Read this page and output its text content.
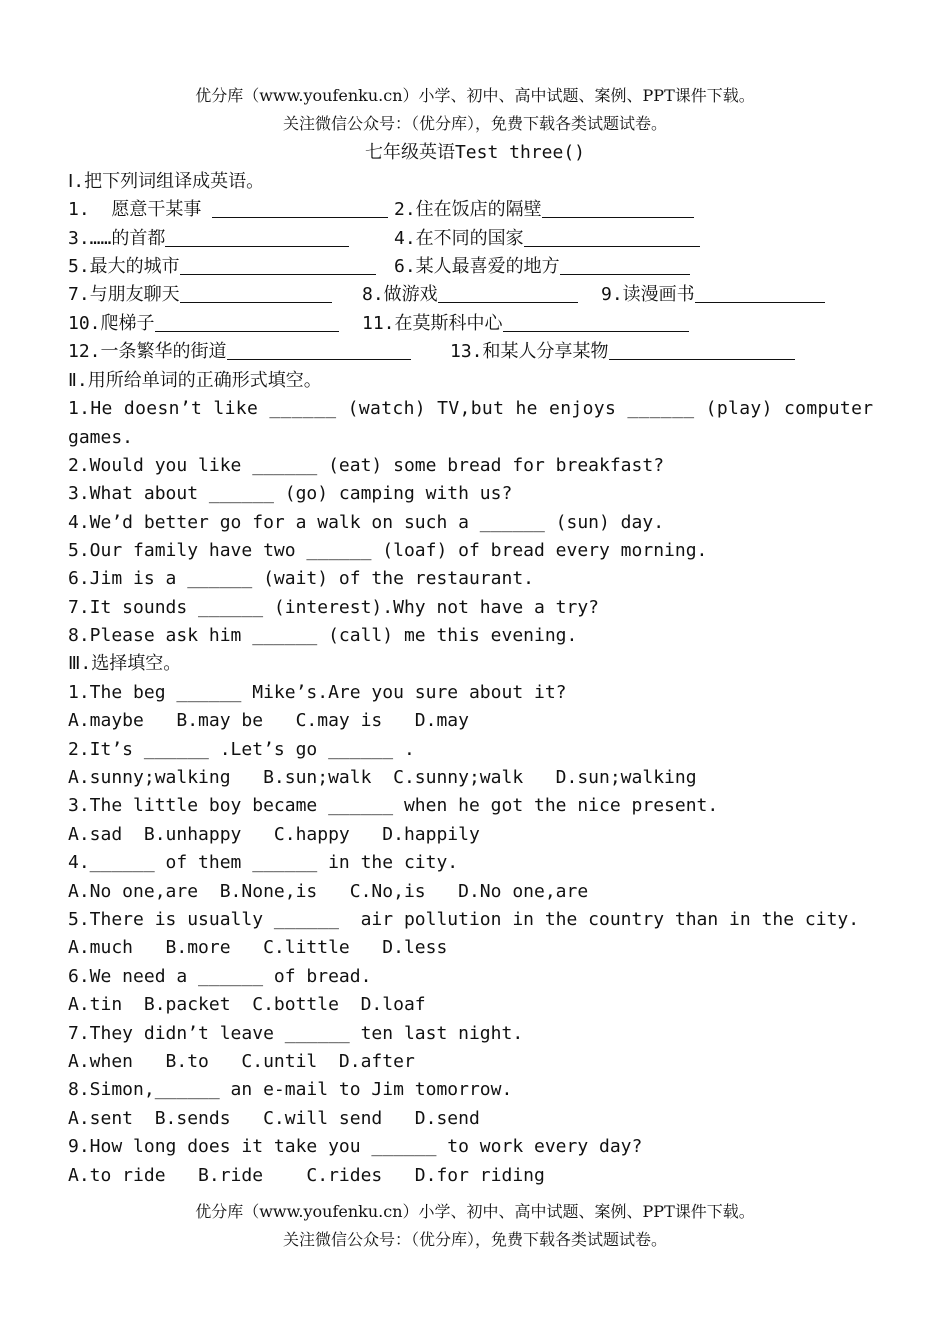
优分库（www.youfenku.cn）小学、初中、高中试题、案例、PPT课件下载。
关注微信公众号：（优分库），免费下载各类试题试卷。
七年级英语Test three()
Ⅰ.把下列词组译成英语。

1.  愿意干某事

	2.住在饭店的隔壁

3.……的首都

	4.在不同的国家

5.最大的城市

	6.某人最喜爱的地方

7.与朋友聊天

	8.做游戏

	9.读漫画书

10.爬梯子

	11.在莫斯科中心

12.一条繁华的街道

	13.和某人分享某物

Ⅱ.用所给单词的正确形式填空。
1.He doesn’t like ______ (watch) TV,but he enjoys ______ (play) computer
games.
2.Would you like ______ (eat) some bread for breakfast?
3.What about ______ (go) camping with us?
4.We’d better go for a walk on such a ______ (sun) day.
5.Our family have two ______ (loaf) of bread every morning.
6.Jim is a ______ (wait) of the restaurant.
7.It sounds ______ (interest).Why not have a try?
8.Please ask him ______ (call) me this evening.
Ⅲ.选择填空。
1.The beg ______ Mike’s.Are you sure about it?
A.maybe   B.may be   C.may is   D.may
2.It’s ______ .Let’s go ______ .
A.sunny;walking   B.sun;walk  C.sunny;walk   D.sun;walking
3.The little boy became ______ when he got the nice present.
A.sad  B.unhappy   C.happy   D.happily
4.______ of them ______ in the city.
A.No one,are  B.None,is   C.No,is   D.No one,are
5.There is usually ______  air pollution in the country than in the city.
A.much   B.more   C.little   D.less
6.We need a ______ of bread.
A.tin  B.packet  C.bottle  D.loaf
7.They didn’t leave ______ ten last night.
A.when   B.to   C.until  D.after
8.Simon,______ an e-mail to Jim tomorrow.
A.sent  B.sends   C.will send   D.send
9.How long does it take you ______ to work every day?
A.to ride   B.ride    C.rides   D.for riding
优分库（www.youfenku.cn）小学、初中、高中试题、案例、PPT课件下载。
关注微信公众号：（优分库），免费下载各类试题试卷。
